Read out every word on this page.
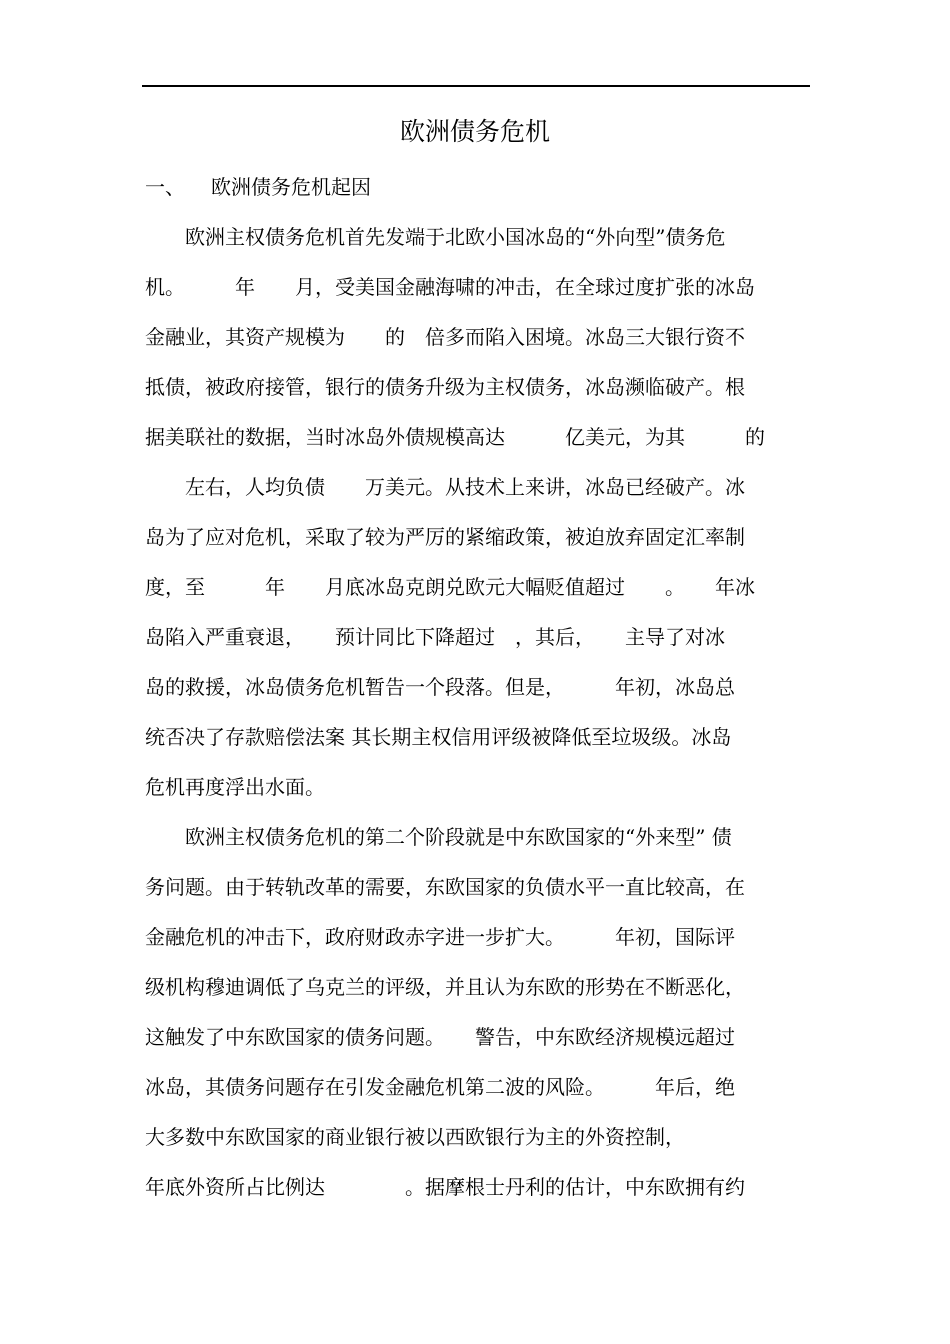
欧洲债务危机
一、 欧洲债务危机起因
　　欧洲主权债务危机首先发端于北欧小国冰岛的“外向型”债务危
机。　　　年　　月，受美国金融海啸的冲击，在全球过度扩张的冰岛
金融业，其资产规模为　　的　倍多而陷入困境。冰岛三大银行资不
抵债，被政府接管，银行的债务升级为主权债务，冰岛濒临破产。根
据美联社的数据，当时冰岛外债规模高达　　　亿美元，为其　　　的
　　左右，人均负债　　万美元。从技术上来讲，冰岛已经破产。冰
岛为了应对危机，采取了较为严厉的紧缩政策，被迫放弃固定汇率制
度，至　　　年　　月底冰岛克朗兑欧元大幅贬值超过　　。　　年冰
岛陷入严重衰退，　　预计同比下降超过　，其后，　　主导了对冰
岛的救援，冰岛债务危机暂告一个段落。但是，　　　年初，冰岛总
统否决了存款赔偿法案 其长期主权信用评级被降低至垃圾级。冰岛
危机再度浮出水面。
　　欧洲主权债务危机的第二个阶段就是中东欧国家的“外来型” 债
务问题。由于转轨改革的需要，东欧国家的负债水平一直比较高，在
金融危机的冲击下，政府财政赤字进一步扩大。　　　年初，国际评
级机构穆迪调低了乌克兰的评级，并且认为东欧的形势在不断恶化，
这触发了中东欧国家的债务问题。　　警告，中东欧经济规模远超过
冰岛，其债务问题存在引发金融危机第二波的风险。　　　年后，绝
大多数中东欧国家的商业银行被以西欧银行为主的外资控制，
年底外资所占比例达　　　　。据摩根士丹利的估计，中东欧拥有约
